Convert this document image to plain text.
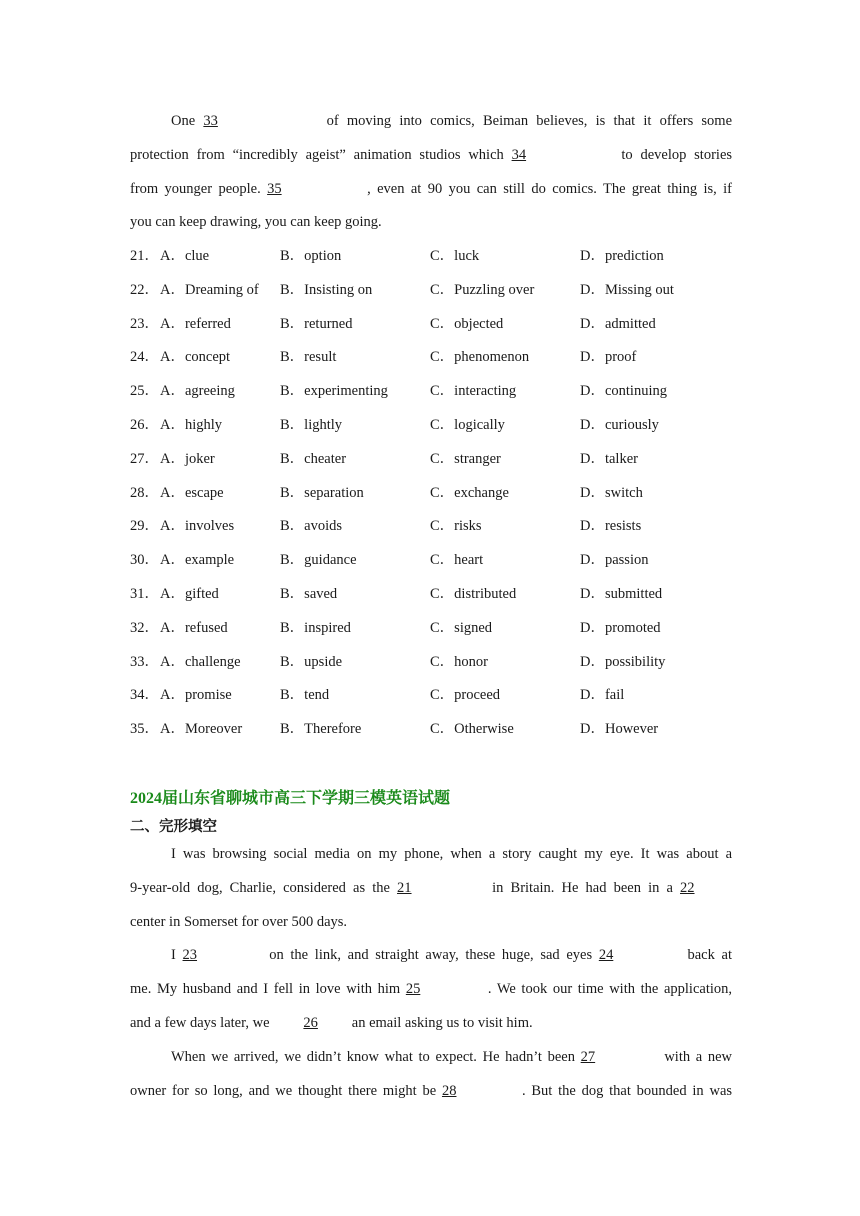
One 33	of moving into comics, Beiman believes, is that it offers some
protection from “incredibly ageist” animation studios which 34	to develop stories
from younger people. 35	, even at 90 you can still do comics. The great thing is, if
you can keep drawing, you can keep going.
21． A．clue	B．option	C．luck	D．prediction
22． A．Dreaming of B．Insisting on	C．Puzzling over	D．Missing out
23． A．referred	B．returned	C．objected	D．admitted
24． A．concept	B．result	C．phenomenon	D．proof
25． A．agreeing	B．experimenting	C．interacting	D．continuing
26． A．highly	B．lightly	C．logically	D．curiously
27． A．joker	B．cheater	C．stranger	D．talker
28． A．escape	B．separation	C．exchange	D．switch
29． A．involves	B．avoids	C．risks	D．resists
30． A．example	B．guidance	C．heart	D．passion
31． A．gifted	B．saved	C．distributed	D．submitted
32． A．refused	B．inspired	C．signed	D．promoted
33． A．challenge	B．upside	C．honor	D．possibility
34． A．promise	B．tend	C．proceed	D．fail
35． A．Moreover	B．Therefore	C．Otherwise	D．However
2024届山东省聊城市高三下学期三模英语试题
二、完形填空
I was browsing social media on my phone, when a story caught my eye. It was about a
9-year-old dog, Charlie, considered as the 21	in Britain. He had been in a 22
center in Somerset for over 500 days.
I 23	on the link, and straight away, these huge, sad eyes 24	back at
me. My husband and I fell in love with him 25	. We took our time with the application,
and a few days later, we 26 an email asking us to visit him.
When we arrived, we didn’t know what to expect. He hadn’t been 27	with a new
owner for so long, and we thought there might be 28	. But the dog that bounded in was
